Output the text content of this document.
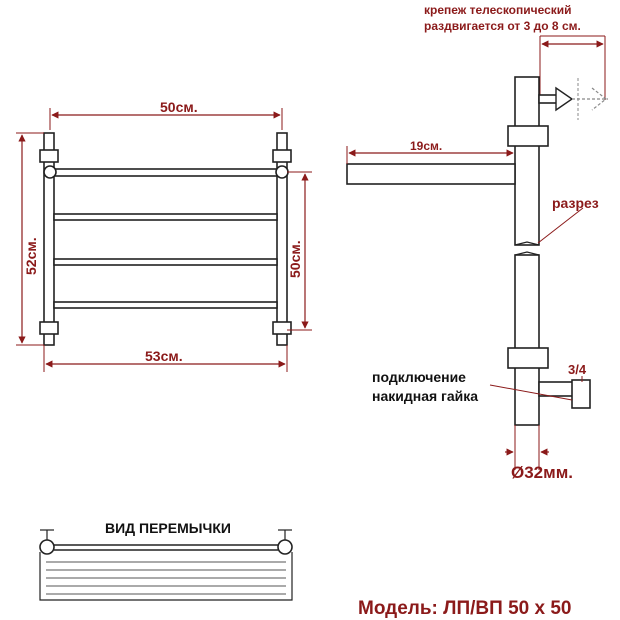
50см.
53см.
52см.	50см.
крепеж телескопический
раздвигается от 3 до 8 см.
19см.
разрез
3/4
подключение
накидная гайка
Ø32мм.
ВИД ПЕРЕМЫЧКИ
Модель: ЛП/ВП 50 х 50
